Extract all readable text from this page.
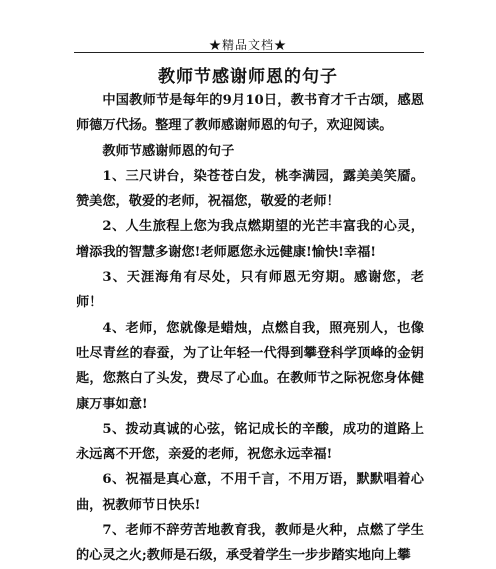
★精品文档★
教师节感谢师恩的句子

中国教师节是每年的9月10日，教书育才千古颂，感恩师德万代扬。整理了教师感谢师恩的句子，欢迎阅读。

教师节感谢师恩的句子

1、三尺讲台，染苍苍白发，桃李满园，露美美笑靥。赞美您，敬爱的老师，祝福您，敬爱的老师！

2、人生旅程上您为我点燃期望的光芒丰富我的心灵，增添我的智慧多谢您!老师愿您永远健康!愉快!幸福!

3、天涯海角有尽处，只有师恩无穷期。感谢您，老师！

4、老师，您就像是蜡烛，点燃自我，照亮别人，也像吐尽青丝的春蚕，为了让年轻一代得到攀登科学顶峰的金钥匙，您熬白了头发，费尽了心血。在教师节之际祝您身体健康万事如意!

5、拨动真诚的心弦，铭记成长的辛酸，成功的道路上永远离不开您，亲爱的老师，祝您永远幸福!

6、祝福是真心意，不用千言，不用万语，默默唱着心曲，祝教师节日快乐!

7、老师不辞劳苦地教育我，教师是火种，点燃了学生的心灵之火;教师是石级，承受着学生一步步踏实地向上攀
